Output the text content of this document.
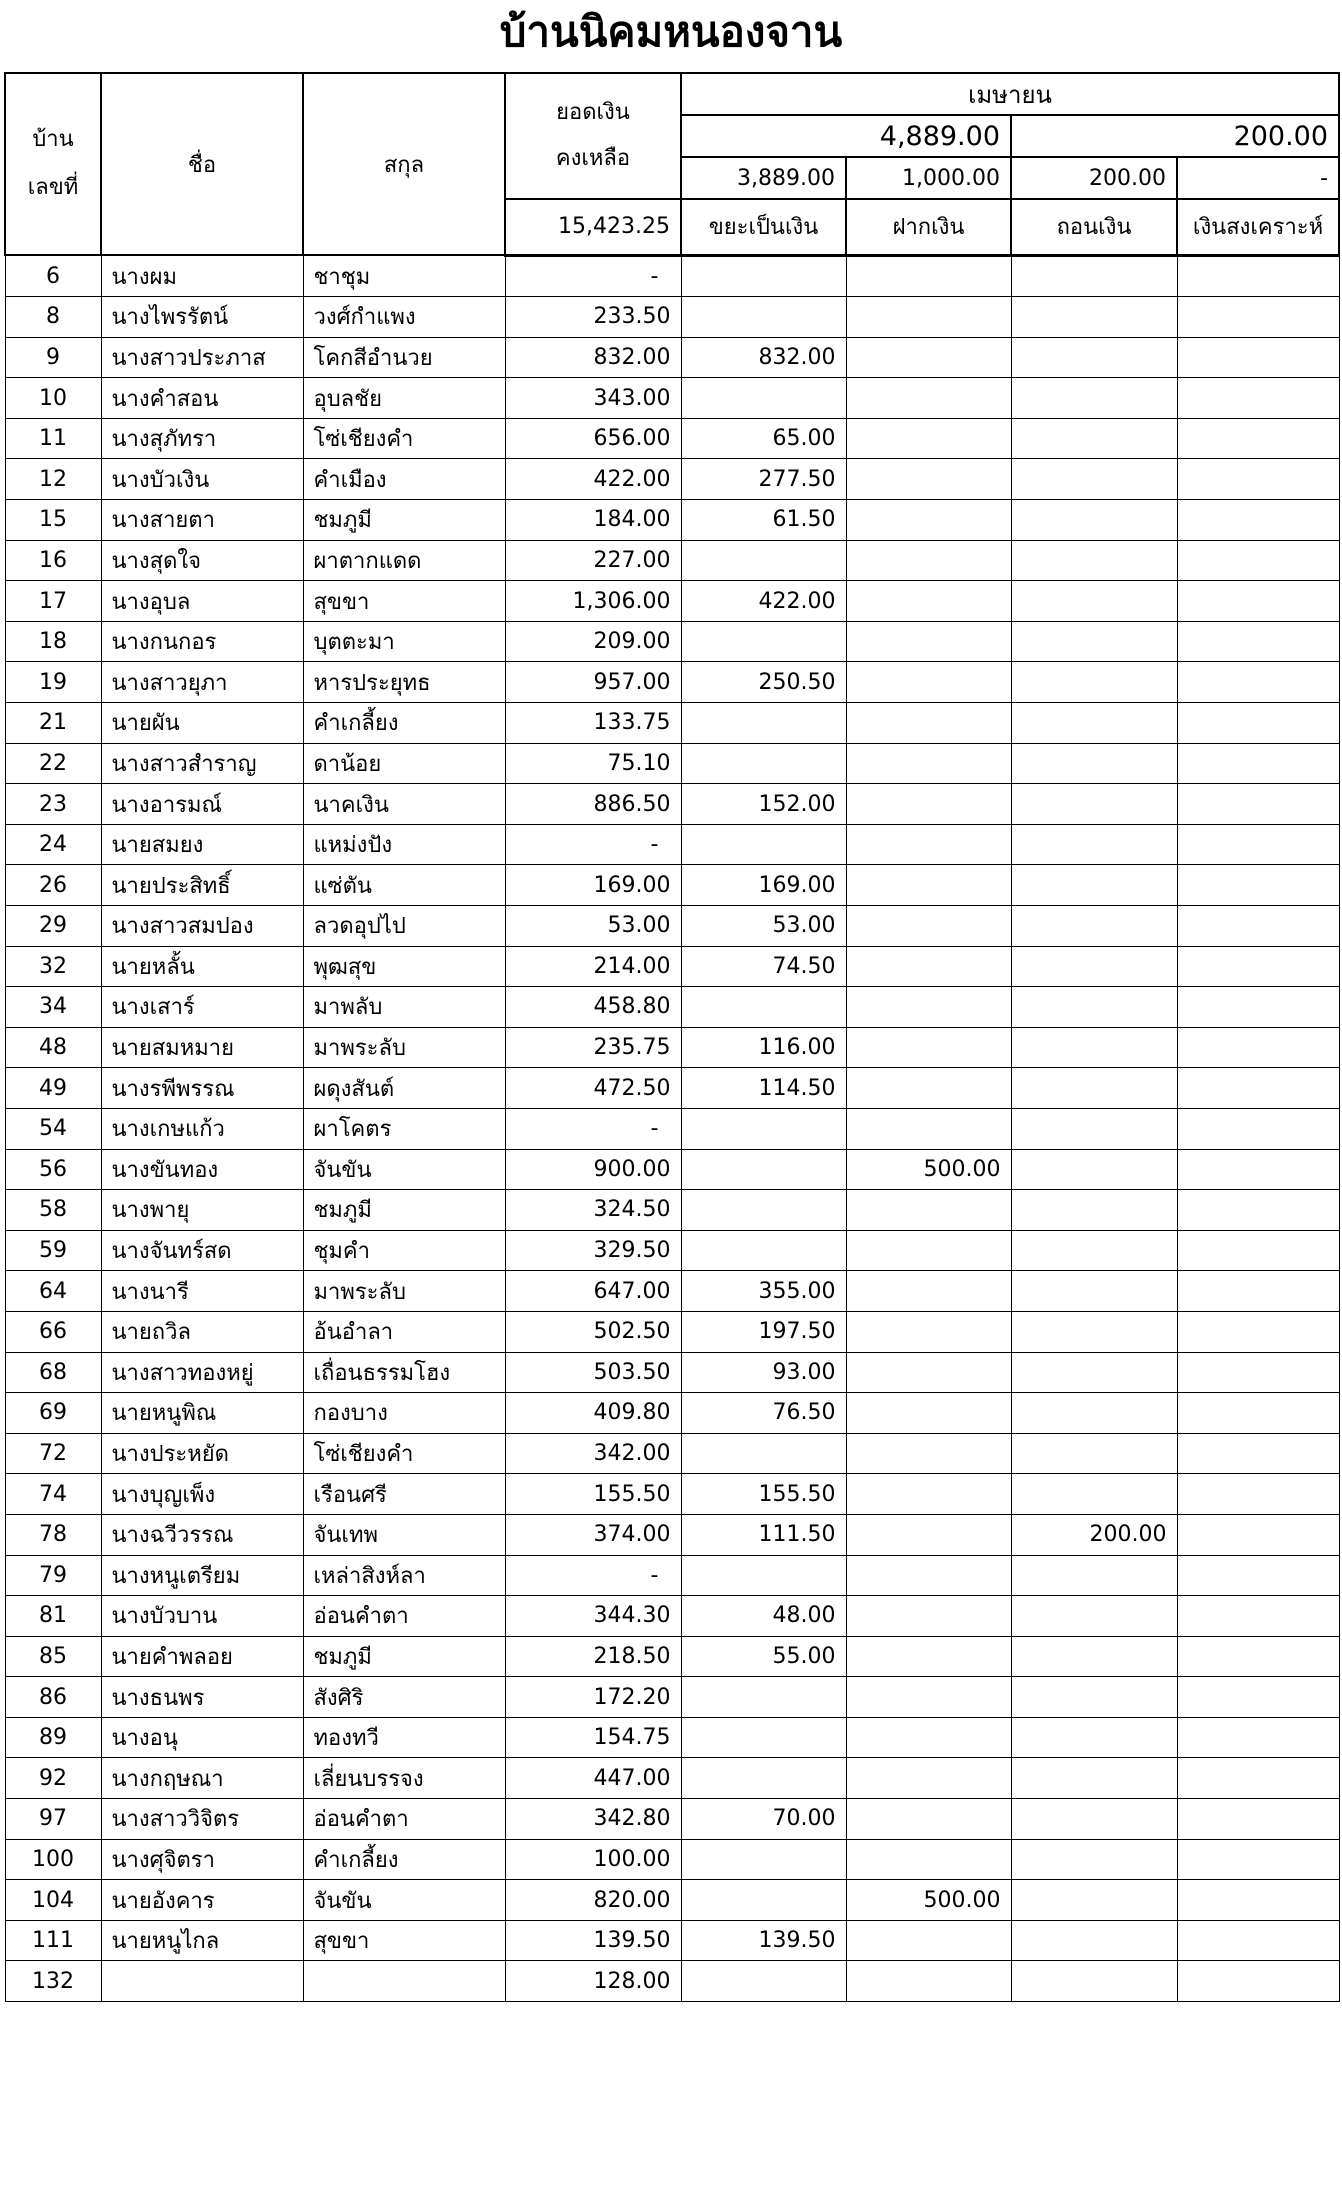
บ้านนิคมหนองจาน
บ้าน
เลขที่	ชื่อ	สกุล	ยอดเงิน
คงเหลือ	เมษายน			
				4,889.00		200.00	
				3,889.00	1,000.00	200.00	-
			15,423.25	ขยะเป็นเงิน	ฝากเงิน	ถอนเงิน	เงินสงเคราะห์
6	นางผม	ชาชุม	-				
8	นางไพรรัตน์	วงศ์กำแพง	233.50				
9	นางสาวประภาส	โคกสีอำนวย	832.00	832.00			
10	นางคำสอน	อุบลชัย	343.00				
11	นางสุภัทรา	โซ่เชียงคำ	656.00	65.00			
12	นางบัวเงิน	คำเมือง	422.00	277.50			
15	นางสายตา	ชมภูมี	184.00	61.50			
16	นางสุดใจ	ผาตากแดด	227.00				
17	นางอุบล	สุขขา	1,306.00	422.00			
18	นางกนกอร	บุตตะมา	209.00				
19	นางสาวยุภา	หารประยุทธ	957.00	250.50			
21	นายผัน	คำเกลี้ยง	133.75				
22	นางสาวสำราญ	ดาน้อย	75.10				
23	นางอารมณ์	นาคเงิน	886.50	152.00			
24	นายสมยง	แหม่งปัง	-				
26	นายประสิทธิ์	แซ่ตัน	169.00	169.00			
29	นางสาวสมปอง	ลวดอุปไป	53.00	53.00			
32	นายหลั้น	พุฒสุข	214.00	74.50			
34	นางเสาร์	มาพลับ	458.80				
48	นายสมหมาย	มาพระลับ	235.75	116.00			
49	นางรพีพรรณ	ผดุงสันต์	472.50	114.50			
54	นางเกษแก้ว	ผาโคตร	-				
56	นางขันทอง	จันขัน	900.00		500.00		
58	นางพายุ	ชมภูมี	324.50				
59	นางจันทร์สด	ชุมคำ	329.50				
64	นางนารี	มาพระลับ	647.00	355.00			
66	นายถวิล	อ้นอำลา	502.50	197.50			
68	นางสาวทองหยู่	เถื่อนธรรมโฮง	503.50	93.00			
69	นายหนูพิณ	กองบาง	409.80	76.50			
72	นางประหยัด	โซ่เชียงคำ	342.00				
74	นางบุญเพ็ง	เรือนศรี	155.50	155.50			
78	นางฉวีวรรณ	จันเทพ	374.00	111.50		200.00	
79	นางหนูเตรียม	เหล่าสิงห์ลา	-				
81	นางบัวบาน	อ่อนคำตา	344.30	48.00			
85	นายคำพลอย	ชมภูมี	218.50	55.00			
86	นางธนพร	สังศิริ	172.20				
89	นางอนุ	ทองทวี	154.75				
92	นางกฤษณา	เลี่ยนบรรจง	447.00				
97	นางสาววิจิตร	อ่อนคำตา	342.80	70.00			
100	นางศุจิตรา	คำเกลี้ยง	100.00				
104	นายอังคาร	จันขัน	820.00		500.00		
111	นายหนูไกล	สุขขา	139.50	139.50			
132			128.00				
